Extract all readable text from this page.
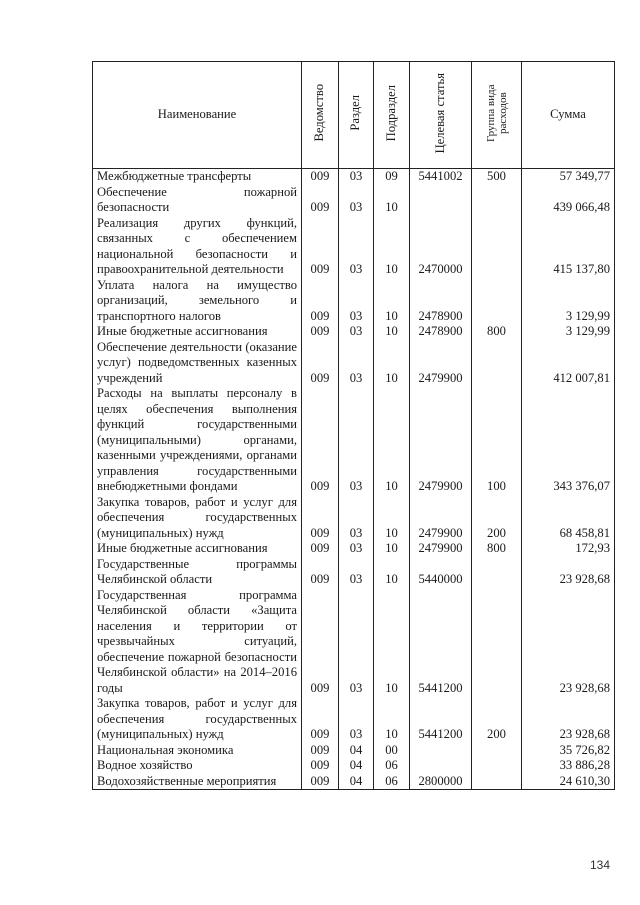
Наименование	Ведомство	Раздел	Подраздел	Целевая статья	Группа вида расходов	Сумма
Межбюджетные трансферты	009	03	09	5441002	500	57 349,77
Обеспечение пожарной безопасности	009	03	10			439 066,48
Реализация других функций, связанных с обеспечением национальной безопасности и правоохранительной деятельности	009	03	10	2470000		415 137,80
Уплата налога на имущество организаций, земельного и транспортного налогов	009	03	10	2478900		3 129,99
Иные бюджетные ассигнования	009	03	10	2478900	800	3 129,99
Обеспечение деятельности (оказание услуг) подведомственных казенных учреждений	009	03	10	2479900		412 007,81
Расходы на выплаты персоналу в целях обеспечения выполнения функций государственными (муниципальными) органами, казенными учреждениями, органами управления государственными внебюджетными фондами	009	03	10	2479900	100	343 376,07
Закупка товаров, работ и услуг для обеспечения государственных (муниципальных) нужд	009	03	10	2479900	200	68 458,81
Иные бюджетные ассигнования	009	03	10	2479900	800	172,93
Государственные программы Челябинской области	009	03	10	5440000		23 928,68
Государственная программа Челябинской области «Защита населения и территории от чрезвычайных ситуаций, обеспечение пожарной безопасности Челябинской области» на 2014–2016 годы	009	03	10	5441200		23 928,68
Закупка товаров, работ и услуг для обеспечения государственных (муниципальных) нужд	009	03	10	5441200	200	23 928,68
Национальная экономика	009	04	00			35 726,82
Водное хозяйство	009	04	06			33 886,28
Водохозяйственные мероприятия	009	04	06	2800000		24 610,30
134
